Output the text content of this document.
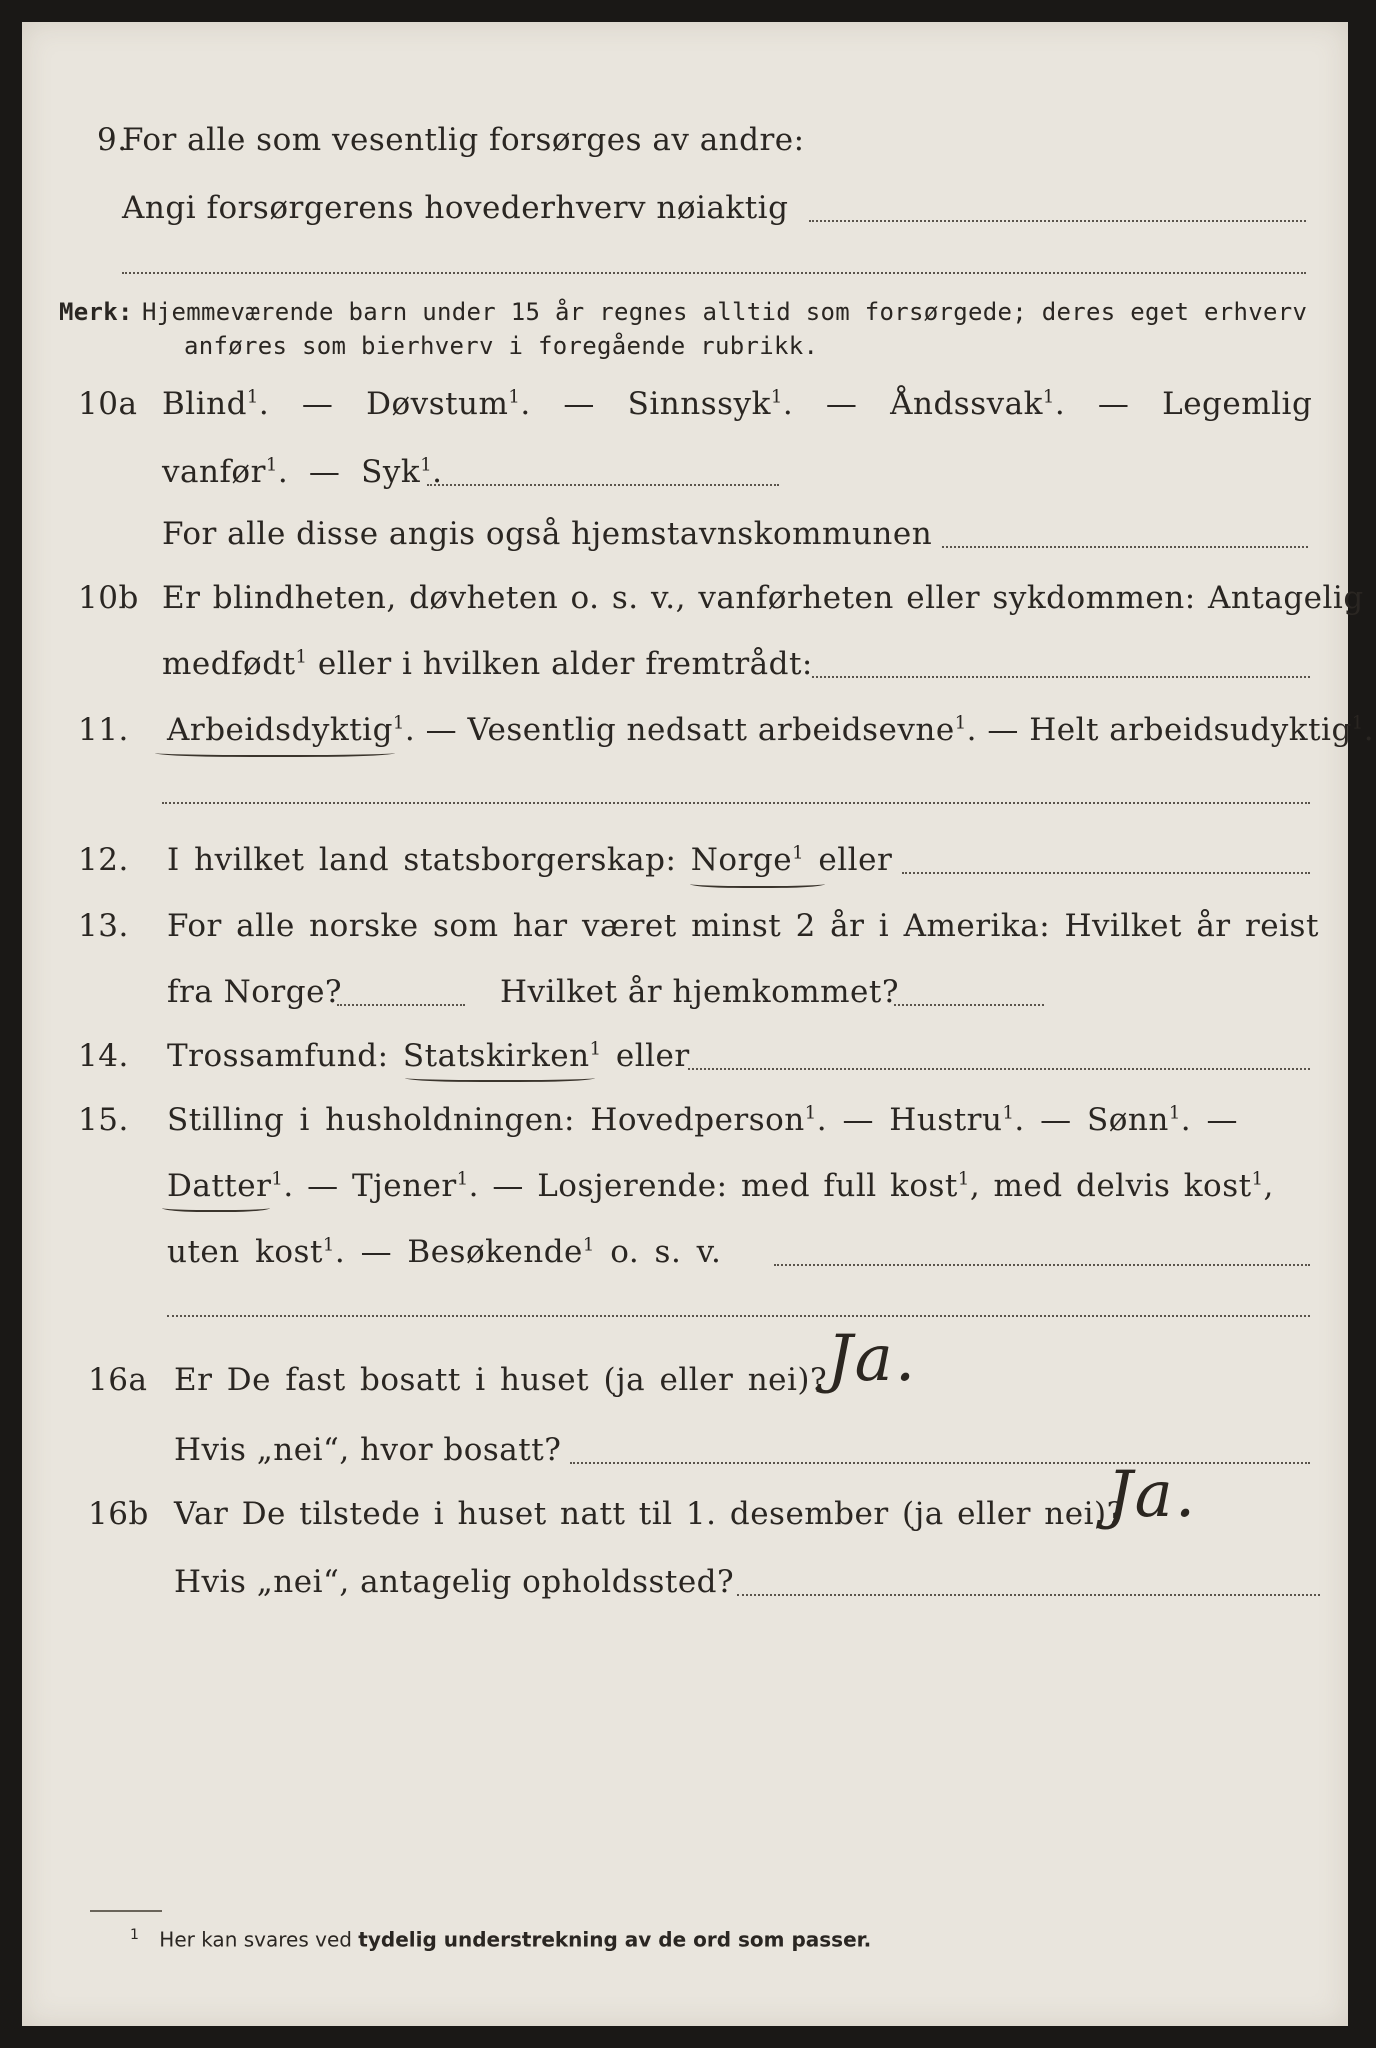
9.
For alle som vesentlig forsørges av andre:
Angi forsørgerens hovederhverv nøiaktig
Merk: Hjemmeværende barn under 15 år regnes alltid som forsørgede; deres eget erhverv
anføres som bierhverv i foregående rubrikk.
10a Blind$^1$.  —  Døvstum$^1$.  —  Sinnssyk$^1$.  —  Åndssvak$^1$.  —  Legemlig
vanfør$^1$.  —  Syk$^1$.
For alle disse angis også hjemstavnskommunen
10b Er blindheten, døvheten o. s. v., vanførheten eller sykdommen: Antagelig
medfødt$^1$ eller i hvilken alder fremtrådt:
11.	Arbeidsdyktig$^1$. — Vesentlig nedsatt arbeidsevne$^1$. — Helt arbeidsudyktig$^1$.
12.	I hvilket land statsborgerskap: Norge$^1$ eller
13.	For alle norske som har været minst 2 år i Amerika: Hvilket år reist
fra Norge?	Hvilket år hjemkommet?
14.	Trossamfund: Statskirken$^1$ eller
15.	Stilling i husholdningen: Hovedperson$^1$. — Hustru$^1$. — Sønn$^1$. —
Datter$^1$. — Tjener$^1$. — Losjerende: med full kost$^1$, med delvis kost$^1$,
uten kost$^1$. — Besøkende$^1$ o. s. v.
16a Er De fast bosatt i huset (ja eller nei)? Ja.
Hvis „nei“, hvor bosatt?
16b Var De tilstede i huset natt til 1. desember (ja eller nei)?
Ja.
Hvis „nei“, antagelig opholdssted?
$^1$ Her kan svares ved tydelig understrekning av de ord som passer.
